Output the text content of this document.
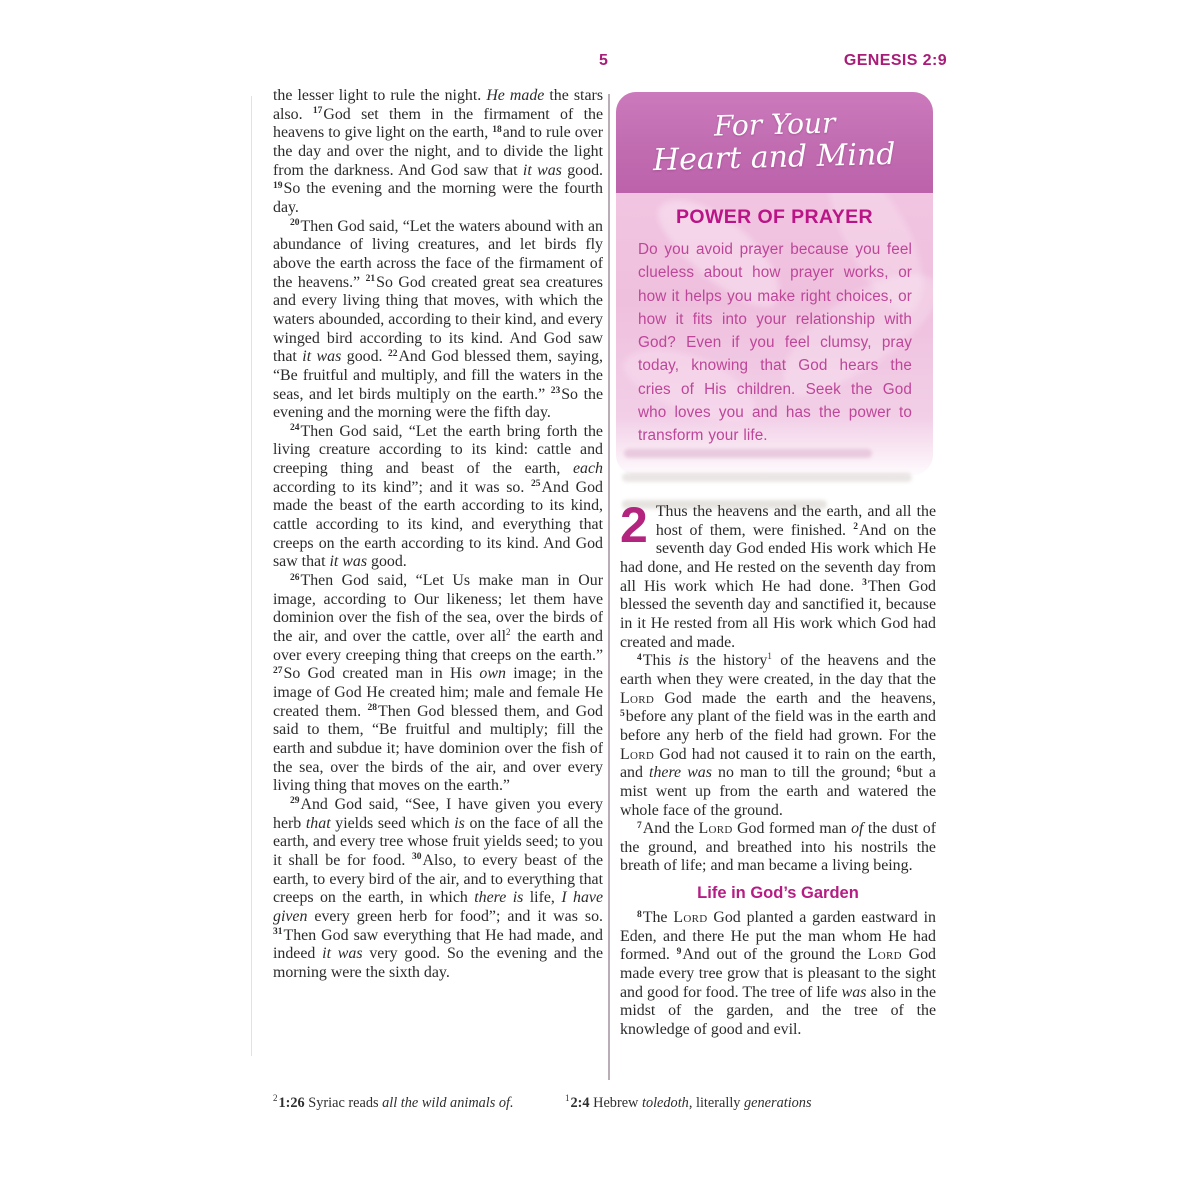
5	GENESIS 2:9

the lesser light to rule the night. He made the stars also. $^{17}$God set them in the firmament of the heavens to give light on the earth, $^{18}$and to rule over the day and over the night, and to divide the light from the darkness. And God saw that it was good. $^{19}$So the evening and the morning were the fourth day.

$^{20}$Then God said, “Let the waters abound with an abundance of living creatures, and let birds fly above the earth across the face of the firmament of the heavens.” $^{21}$So God created great sea creatures and every living thing that moves, with which the waters abounded, according to their kind, and every winged bird according to its kind. And God saw that it was good. $^{22}$And God blessed them, saying, “Be fruitful and multiply, and fill the waters in the seas, and let birds multiply on the earth.” $^{23}$So the evening and the morning were the fifth day.

$^{24}$Then God said, “Let the earth bring forth the living creature according to its kind: cattle and creeping thing and beast of the earth, each according to its kind”; and it was so. $^{25}$And God made the beast of the earth according to its kind, cattle according to its kind, and everything that creeps on the earth according to its kind. And God saw that it was good.

$^{26}$Then God said, “Let Us make man in Our image, according to Our likeness; let them have dominion over the fish of the sea, over the birds of the air, and over the cattle, over all$^2$ the earth and over every creeping thing that creeps on the earth.” $^{27}$So God created man in His own image; in the image of God He created him; male and female He created them. $^{28}$Then God blessed them, and God said to them, “Be fruitful and multiply; fill the earth and subdue it; have dominion over the fish of the sea, over the birds of the air, and over every living thing that moves on the earth.”

$^{29}$And God said, “See, I have given you every herb that yields seed which is on the face of all the earth, and every tree whose fruit yields seed; to you it shall be for food. $^{30}$Also, to every beast of the earth, to every bird of the air, and to everything that creeps on the earth, in which there is life, I have given every green herb for food”; and it was so. $^{31}$Then God saw everything that He had made, and indeed it was very good. So the evening and the morning were the sixth day.

For Your
Heart and Mind
POWER OF PRAYER
Do you avoid prayer because you feel clueless about how prayer works, or how it helps you make right choices, or how it fits into your relationship with God? Even if you feel clumsy, pray today, knowing that God hears the cries of His children. Seek the God who loves you and has the power to transform your life.

2 Thus the heavens and the earth, and all the host of them, were finished. $^2$And on the seventh day God ended His work which He had done, and He rested on the seventh day from all His work which He had done. $^3$Then God blessed the seventh day and sanctified it, because in it He rested from all His work which God had created and made.

$^4$This is the history$^1$ of the heavens and the earth when they were created, in the day that the Lord God made the earth and the heavens, $^5$before any plant of the field was in the earth and before any herb of the field had grown. For the Lord God had not caused it to rain on the earth, and there was no man to till the ground; $^6$but a mist went up from the earth and watered the whole face of the ground.

$^7$And the Lord God formed man of the dust of the ground, and breathed into his nostrils the breath of life; and man became a living being.

Life in God’s Garden

$^8$The Lord God planted a garden eastward in Eden, and there He put the man whom He had formed. $^9$And out of the ground the Lord God made every tree grow that is pleasant to the sight and good for food. The tree of life was also in the midst of the garden, and the tree of the knowledge of good and evil.

$^2$1:26 Syriac reads all the wild animals of.	$^1$2:4 Hebrew toledoth, literally generations
